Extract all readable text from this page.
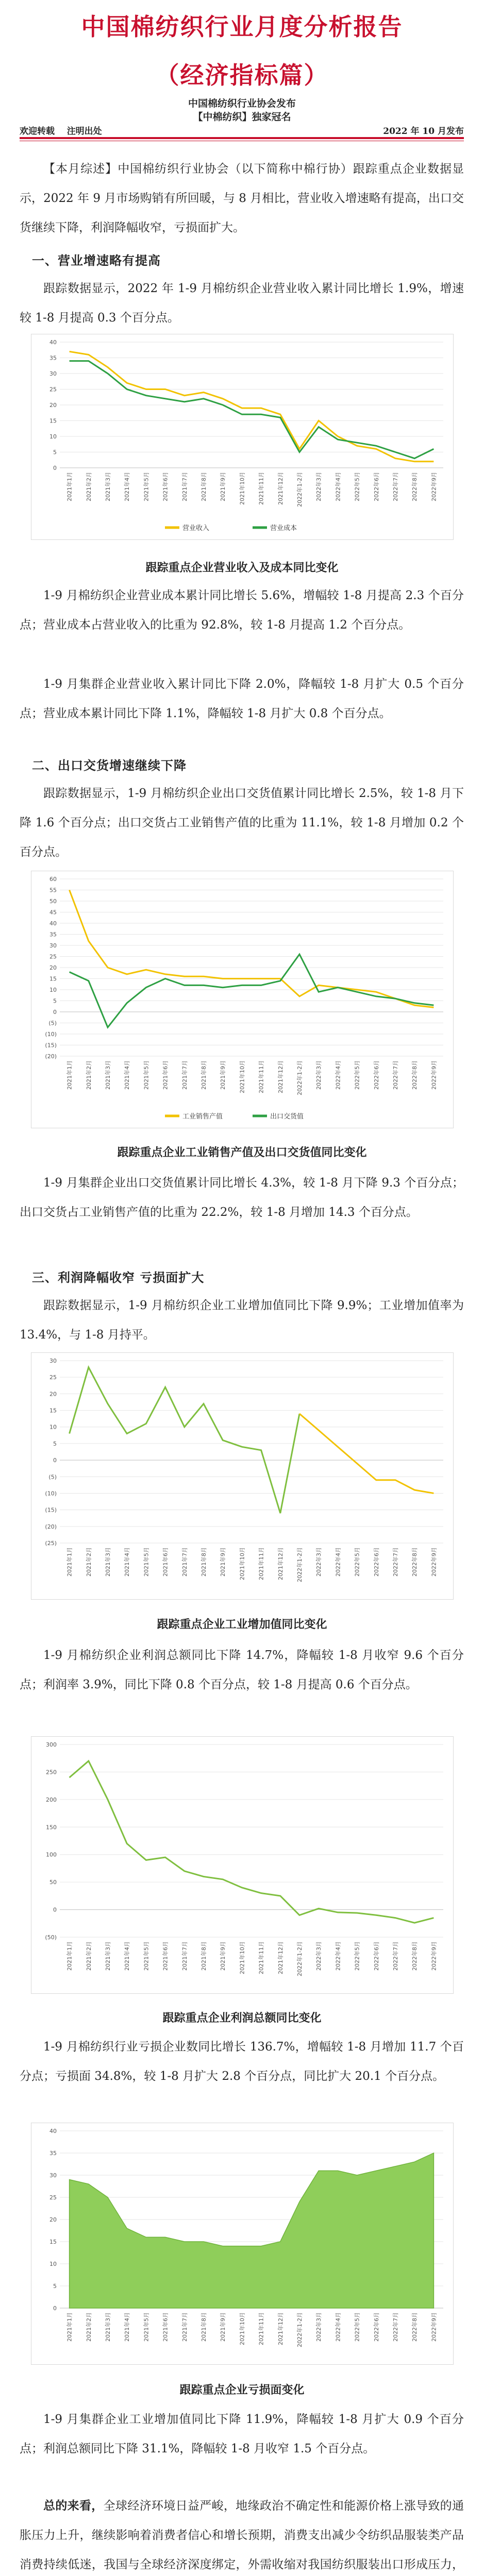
中国棉纺织行业月度分析报告
（经济指标篇）
中国棉纺织行业协会发布
【中棉纺织】独家冠名
欢迎转载 注明出处	2022 年 10 月发布
【本月综述】中国棉纺织行业协会（以下简称中棉行协）跟踪重点企业数据显示，2022 年 9 月市场购销有所回暖，与 8 月相比，营业收入增速略有提高，出口交货继续下降，利润降幅收窄，亏损面扩大。
一、营业增速略有提高
跟踪数据显示，2022 年 1-9 月棉纺织企业营业收入累计同比增长 1.9%，增速较 1-8 月提高 0.3 个百分点。
0
5
10
15
20
25
30
35
40
2021年1月 2021年2月 2021年3月 2021年4月 2021年5月 2021年6月 2021年7月 2021年8月 2021年9月 2021年10月 2021年11月 2021年12月 2022年1-2月 2022年3月 2022年4月 2022年5月 2022年6月 2022年7月 2022年8月 2022年9月
营业收入	营业成本
跟踪重点企业营业收入及成本同比变化
1-9 月棉纺织企业营业成本累计同比增长 5.6%，增幅较 1-8 月提高 2.3 个百分点；营业成本占营业收入的比重为 92.8%，较 1-8 月提高 1.2 个百分点。
1-9 月集群企业营业收入累计同比下降 2.0%，降幅较 1-8 月扩大 0.5 个百分点；营业成本累计同比下降 1.1%，降幅较 1-8 月扩大 0.8 个百分点。
二、出口交货增速继续下降
跟踪数据显示，1-9 月棉纺织企业出口交货值累计同比增长 2.5%，较 1-8 月下降 1.6 个百分点；出口交货占工业销售产值的比重为 11.1%，较 1-8 月增加 0.2 个百分点。
(20)
(15)
(10)
(5)
0
5
10
15
20
25
30
35
40
45
50
55
60
2021年1月 2021年2月 2021年3月 2021年4月 2021年5月 2021年6月 2021年7月 2021年8月 2021年9月 2021年10月 2021年11月 2021年12月 2022年1-2月 2022年3月 2022年4月 2022年5月 2022年6月 2022年7月 2022年8月 2022年9月
工业销售产值	出口交货值
跟踪重点企业工业销售产值及出口交货值同比变化
1-9 月集群企业出口交货值累计同比增长 4.3%，较 1-8 月下降 9.3 个百分点；出口交货占工业销售产值的比重为 22.2%，较 1-8 月增加 14.3 个百分点。
三、利润降幅收窄 亏损面扩大
跟踪数据显示，1-9 月棉纺织企业工业增加值同比下降 9.9%；工业增加值率为 13.4%，与 1-8 月持平。
(25)
(20)
(15)
(10)
(5)
0
5
10
15
20
25
30
2021年1月 2021年2月 2021年3月 2021年4月 2021年5月 2021年6月 2021年7月 2021年8月 2021年9月 2021年10月 2021年11月 2021年12月 2022年1-2月 2022年3月 2022年4月 2022年5月 2022年6月 2022年7月 2022年8月 2022年9月
跟踪重点企业工业增加值同比变化
1-9 月棉纺织企业利润总额同比下降 14.7%，降幅较 1-8 月收窄 9.6 个百分点；利润率 3.9%，同比下降 0.8 个百分点，较 1-8 月提高 0.6 个百分点。
(50)
0
50
100
150
200
250
300
2021年1月 2021年2月 2021年3月 2021年4月 2021年5月 2021年6月 2021年7月 2021年8月 2021年9月 2021年10月 2021年11月 2021年12月 2022年1-2月 2022年3月 2022年4月 2022年5月 2022年6月 2022年7月 2022年8月 2022年9月
跟踪重点企业利润总额同比变化
1-9 月棉纺织行业亏损企业数同比增长 136.7%，增幅较 1-8 月增加 11.7 个百分点；亏损面 34.8%，较 1-8 月扩大 2.8 个百分点，同比扩大 20.1 个百分点。
0
5
10
15
20
25
30
35
40
2021年1月 2021年2月 2021年3月 2021年4月 2021年5月 2021年6月 2021年7月 2021年8月 2021年9月 2021年10月 2021年11月 2021年12月 2022年1-2月 2022年3月 2022年4月 2022年5月 2022年6月 2022年7月 2022年8月 2022年9月
跟踪重点企业亏损面变化
1-9 月集群企业工业增加值同比下降 11.9%，降幅较 1-8 月扩大 0.9 个百分点；利润总额同比下降 31.1%，降幅较 1-8 月收窄 1.5 个百分点。
总的来看，全球经济环境日益严峻，地缘政治不确定性和能源价格上涨导致的通胀压力上升，继续影响着消费者信心和增长预期，消费支出减少令纺织品服装类产品消费持续低迷，我国与全球经济深度绑定，外需收缩对我国纺织服装出口形成压力，
